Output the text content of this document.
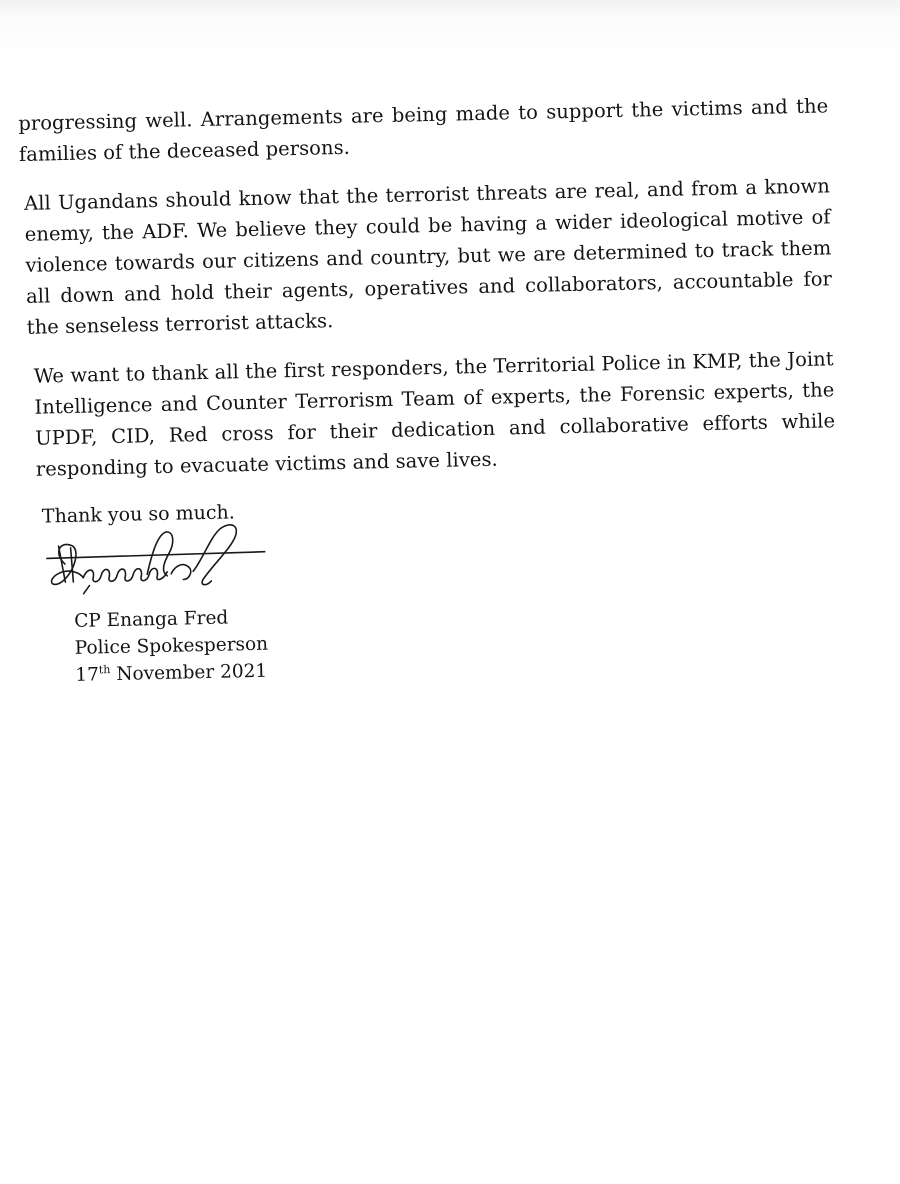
progressing well. Arrangements are being made to support the victims and the families of the deceased persons.

All Ugandans should know that the terrorist threats are real, and from a known enemy, the ADF. We believe they could be having a wider ideological motive of violence towards our citizens and country, but we are determined to track them all down and hold their agents, operatives and collaborators, accountable for the senseless terrorist attacks.

We want to thank all the first responders, the Territorial Police in KMP, the Joint Intelligence and Counter Terrorism Team of experts, the Forensic experts, the UPDF, CID, Red cross for their dedication and collaborative efforts while responding to evacuate victims and save lives.

Thank you so much.

CP Enanga Fred
Police Spokesperson
17th November 2021
